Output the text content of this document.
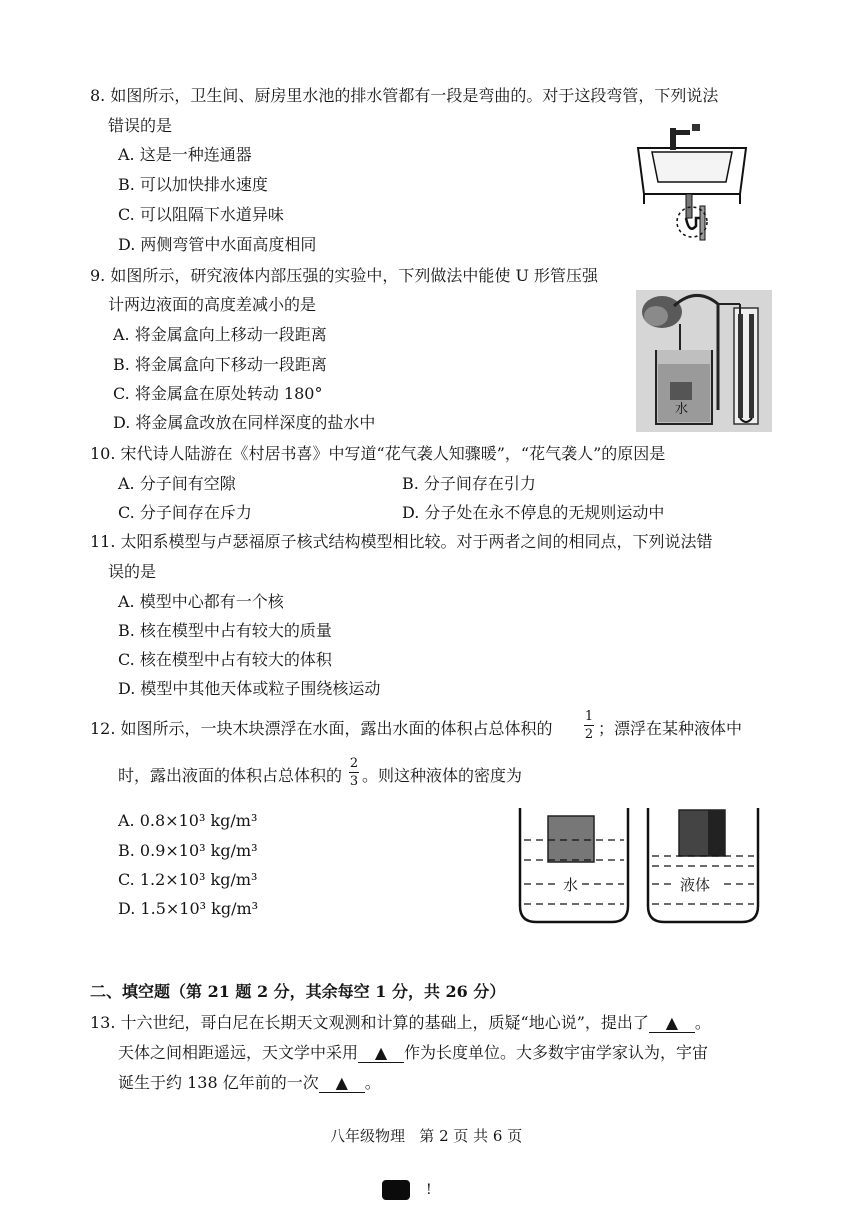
8. 如图所示，卫生间、厨房里水池的排水管都有一段是弯曲的。对于这段弯管，下列说法
错误的是
A. 这是一种连通器
B. 可以加快排水速度
C. 可以阻隔下水道异味
D. 两侧弯管中水面高度相同
9. 如图所示，研究液体内部压强的实验中，下列做法中能使 U 形管压强
计两边液面的高度差减小的是
A. 将金属盒向上移动一段距离
B. 将金属盒向下移动一段距离
C. 将金属盒在原处转动 180°
D. 将金属盒改放在同样深度的盐水中
水
10. 宋代诗人陆游在《村居书喜》中写道“花气袭人知骤暖”，“花气袭人”的原因是
A. 分子间有空隙	B. 分子间存在引力
C. 分子间存在斥力	D. 分子处在永不停息的无规则运动中
11. 太阳系模型与卢瑟福原子核式结构模型相比较。对于两者之间的相同点，下列说法错
误的是
A. 模型中心都有一个核
B. 核在模型中占有较大的质量
C. 核在模型中占有较大的体积
D. 模型中其他天体或粒子围绕核运动
12. 如图所示，一块木块漂浮在水面，露出水面的体积占总体积的
1
2 ；漂浮在某种液体中
时，露出液面的体积占总体积的
2
3 。则这种液体的密度为
A. 0.8×10³ kg/m³
B. 0.9×10³ kg/m³
C. 1.2×10³ kg/m³
D. 1.5×10³ kg/m³
水	液体
二、填空题（第 21 题 2 分，其余每空 1 分，共 26 分）
13. 十六世纪，哥白尼在长期天文观测和计算的基础上，质疑“地心说”，提出了 ▲ 。
天体之间相距遥远，天文学中采用 ▲ 作为长度单位。大多数宇宙学家认为，宇宙
诞生于约 138 亿年前的一次 ▲ 。
八年级物理   第 2 页 共 6 页
!
